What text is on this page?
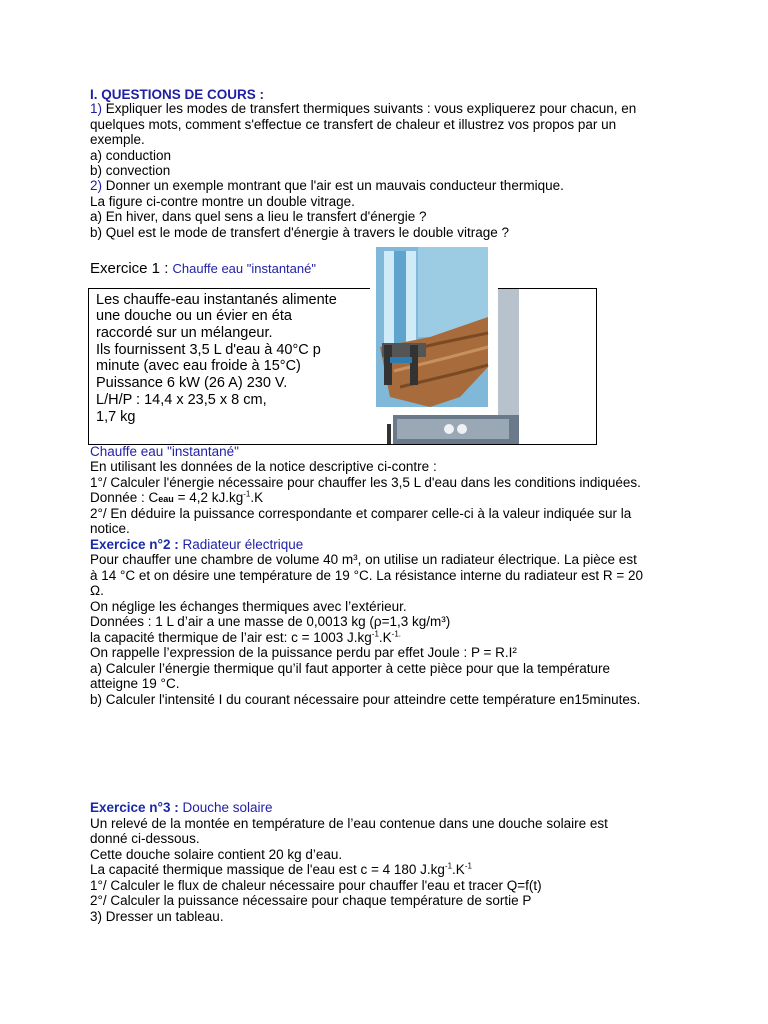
I. QUESTIONS DE COURS :
1) Expliquer les modes de transfert thermiques suivants : vous expliquerez pour chacun, en
quelques mots, comment s'effectue ce transfert de chaleur et illustrez vos propos par un
exemple.
a) conduction
b) convection
2) Donner un exemple montrant que l'air est un mauvais conducteur thermique.
La figure ci-contre montre un double vitrage.
a) En hiver, dans quel sens a lieu le transfert d'énergie ?
b) Quel est le mode de transfert d'énergie à travers le double vitrage ?
Exercice 1 : Chauffe eau "instantané"
Les chauffe-eau instantanés alimente
une douche ou un évier en éta
raccordé sur un mélangeur.
Ils fournissent 3,5 L d'eau à 40°C p
minute (avec eau froide à 15°C)
Puissance 6 kW (26 A) 230 V.
L/H/P : 14,4 x 23,5 x 8 cm,
1,7 kg
Chauffe eau "instantané"
En utilisant les données de la notice descriptive ci-contre :
1°/ Calculer l'énergie nécessaire pour chauffer les 3,5 L d'eau dans les conditions indiquées.
Donnée : Ceau = 4,2 $kJ.kg^{-1}.K$
2°/ En déduire la puissance correspondante et comparer celle-ci à la valeur indiquée sur la
notice.
Exercice n°2 : Radiateur électrique
Pour chauffer une chambre de volume 40 m³, on utilise un radiateur électrique. La pièce est
à 14 °C et on désire une température de 19 °C. La résistance interne du radiateur est R = 20
Ω.
On néglige les échanges thermiques avec l’extérieur.
Données : 1 L d’air a une masse de 0,0013 kg (ρ=1,3 kg/m³)
la capacité thermique de l’air est: c = 1003 $J.kg^{-1}.K^{-1.}$
On rappelle l’expression de la puissance perdu par effet Joule : P = R.I²
a) Calculer l’énergie thermique qu’il faut apporter à cette pièce pour que la température
atteigne 19 °C.
b) Calculer l'intensité I du courant nécessaire pour atteindre cette température en15minutes.
Exercice n°3 : Douche solaire
Un relevé de la montée en température de l’eau contenue dans une douche solaire est
donné ci-dessous.
Cette douche solaire contient 20 kg d’eau.
La capacité thermique massique de l'eau est c = 4 180 $J.kg^{-1}.K^{-1}$
1°/ Calculer le flux de chaleur nécessaire pour chauffer l'eau et tracer Q=f(t)
2°/ Calculer la puissance nécessaire pour chaque température de sortie P
3) Dresser un tableau.
